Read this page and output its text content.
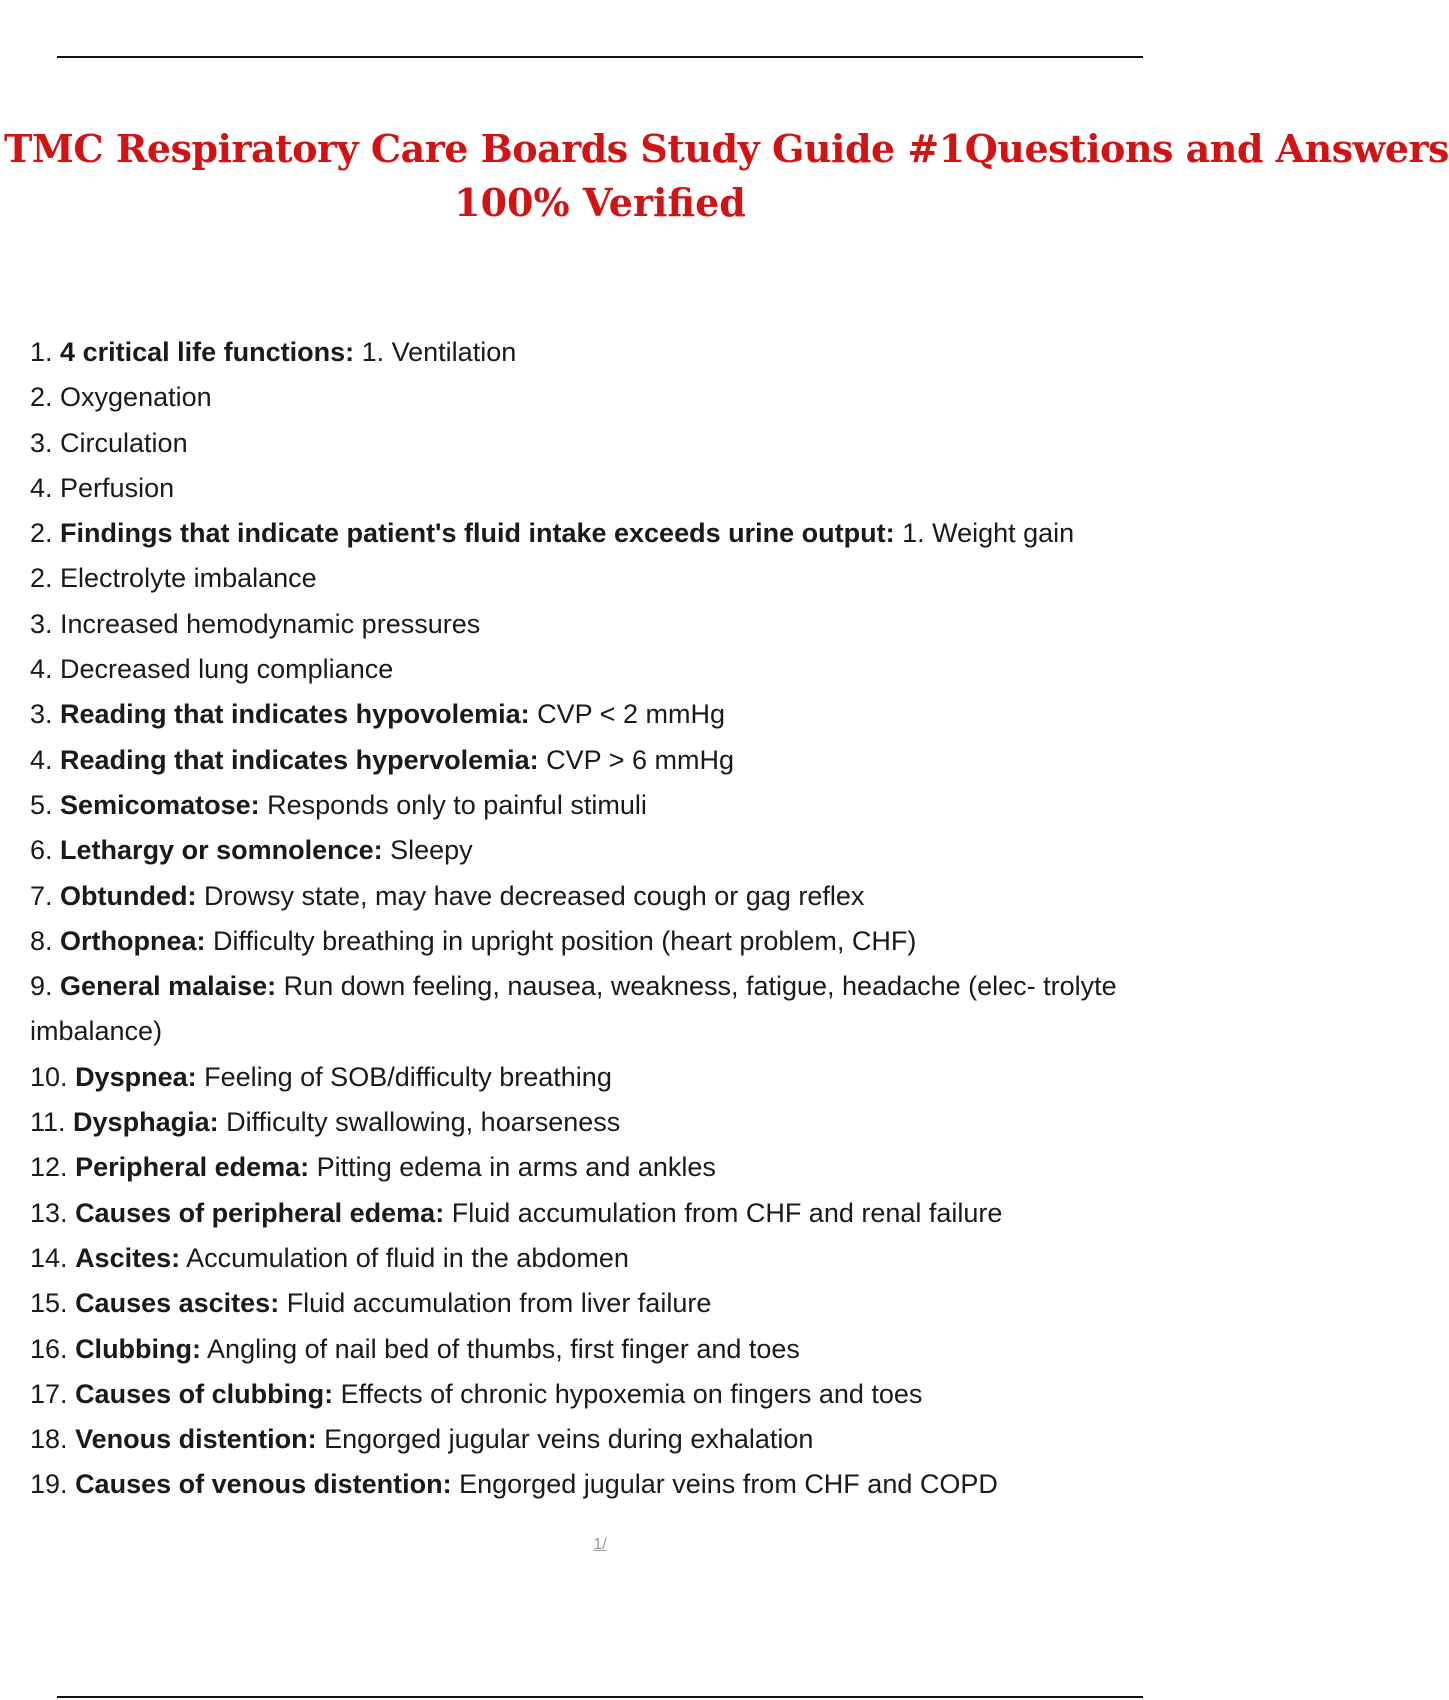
TMC Respiratory Care Boards Study Guide #1Questions and Answers
100% Verified
1. 4 critical life functions: 1. Ventilation
2. Oxygenation
3. Circulation
4. Perfusion
2. Findings that indicate patient's fluid intake exceeds urine output: 1. Weight gain
2. Electrolyte imbalance
3. Increased hemodynamic pressures
4. Decreased lung compliance
3. Reading that indicates hypovolemia: CVP < 2 mmHg
4. Reading that indicates hypervolemia: CVP > 6 mmHg
5. Semicomatose: Responds only to painful stimuli
6. Lethargy or somnolence: Sleepy
7. Obtunded: Drowsy state, may have decreased cough or gag reflex
8. Orthopnea: Difficulty breathing in upright position (heart problem, CHF)
9. General malaise: Run down feeling, nausea, weakness, fatigue, headache (elec- trolyte imbalance)
10. Dyspnea: Feeling of SOB/difficulty breathing
11. Dysphagia: Difficulty swallowing, hoarseness
12. Peripheral edema: Pitting edema in arms and ankles
13. Causes of peripheral edema: Fluid accumulation from CHF and renal failure
14. Ascites: Accumulation of fluid in the abdomen
15. Causes ascites: Fluid accumulation from liver failure
16. Clubbing: Angling of nail bed of thumbs, first finger and toes
17. Causes of clubbing: Effects of chronic hypoxemia on fingers and toes
18. Venous distention: Engorged jugular veins during exhalation
19. Causes of venous distention: Engorged jugular veins from CHF and COPD
1/
